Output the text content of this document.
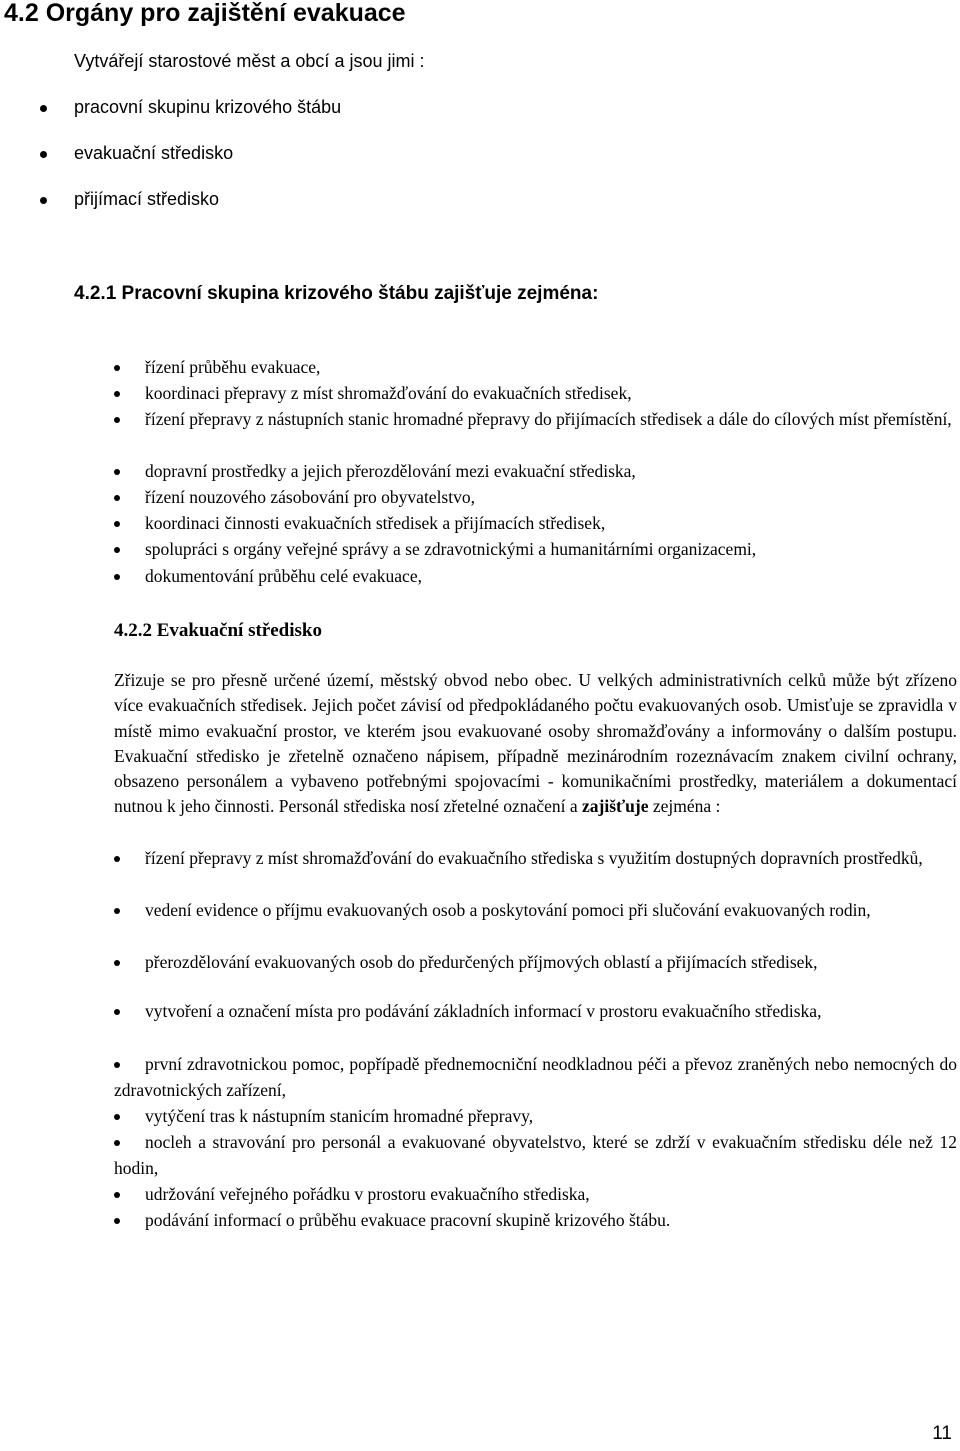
4.2 Orgány pro zajištění evakuace

Vytvářejí starostové měst a obcí a jsou jimi :

pracovní skupinu krizového štábu
evakuační středisko
přijímací středisko
4.2.1 Pracovní skupina krizového štábu zajišťuje zejména:
řízení průběhu evakuace,
koordinaci přepravy z míst shromažďování do evakuačních středisek,
řízení přepravy z nástupních stanic hromadné přepravy do přijímacích středisek a dále do cílových míst přemístění,
dopravní prostředky a jejich přerozdělování mezi evakuační střediska,
řízení nouzového zásobování pro obyvatelstvo,
koordinaci činnosti evakuačních středisek a přijímacích středisek,
spolupráci s orgány veřejné správy a se zdravotnickými a humanitárními organizacemi,
dokumentování průběhu celé evakuace,
4.2.2 Evakuační středisko

Zřizuje se pro přesně určené území, městský obvod nebo obec. U velkých administrativních celků může být zřízeno více evakuačních středisek. Jejich počet závisí od předpokládaného počtu evakuovaných osob. Umisťuje se zpravidla v místě mimo evakuační prostor, ve kterém jsou evakuované osoby shromažďovány a informovány o dalším postupu. Evakuační středisko je zřetelně označeno nápisem, případně mezinárodním rozeznávacím znakem civilní ochrany, obsazeno personálem a vybaveno potřebnými spojovacími - komunikačními prostředky, materiálem a dokumentací nutnou k jeho činnosti. Personál střediska nosí zřetelné označení a zajišťuje zejména :

řízení přepravy z míst shromažďování do evakuačního střediska s využitím dostupných dopravních prostředků,
vedení evidence o příjmu evakuovaných osob a poskytování pomoci při slučování evakuovaných rodin,
přerozdělování evakuovaných osob do předurčených příjmových oblastí a přijímacích středisek,
vytvoření a označení místa pro podávání základních informací v prostoru evakuačního střediska,
první zdravotnickou pomoc, popřípadě přednemocniční neodkladnou péči a převoz zraněných nebo nemocných do zdravotnických zařízení,
vytýčení tras k nástupním stanicím hromadné přepravy,
nocleh a stravování pro personál a evakuované obyvatelstvo, které se zdrží v evakuačním středisku déle než 12 hodin,
udržování veřejného pořádku v prostoru evakuačního střediska,
podávání informací o průběhu evakuace pracovní skupině krizového štábu.
11
